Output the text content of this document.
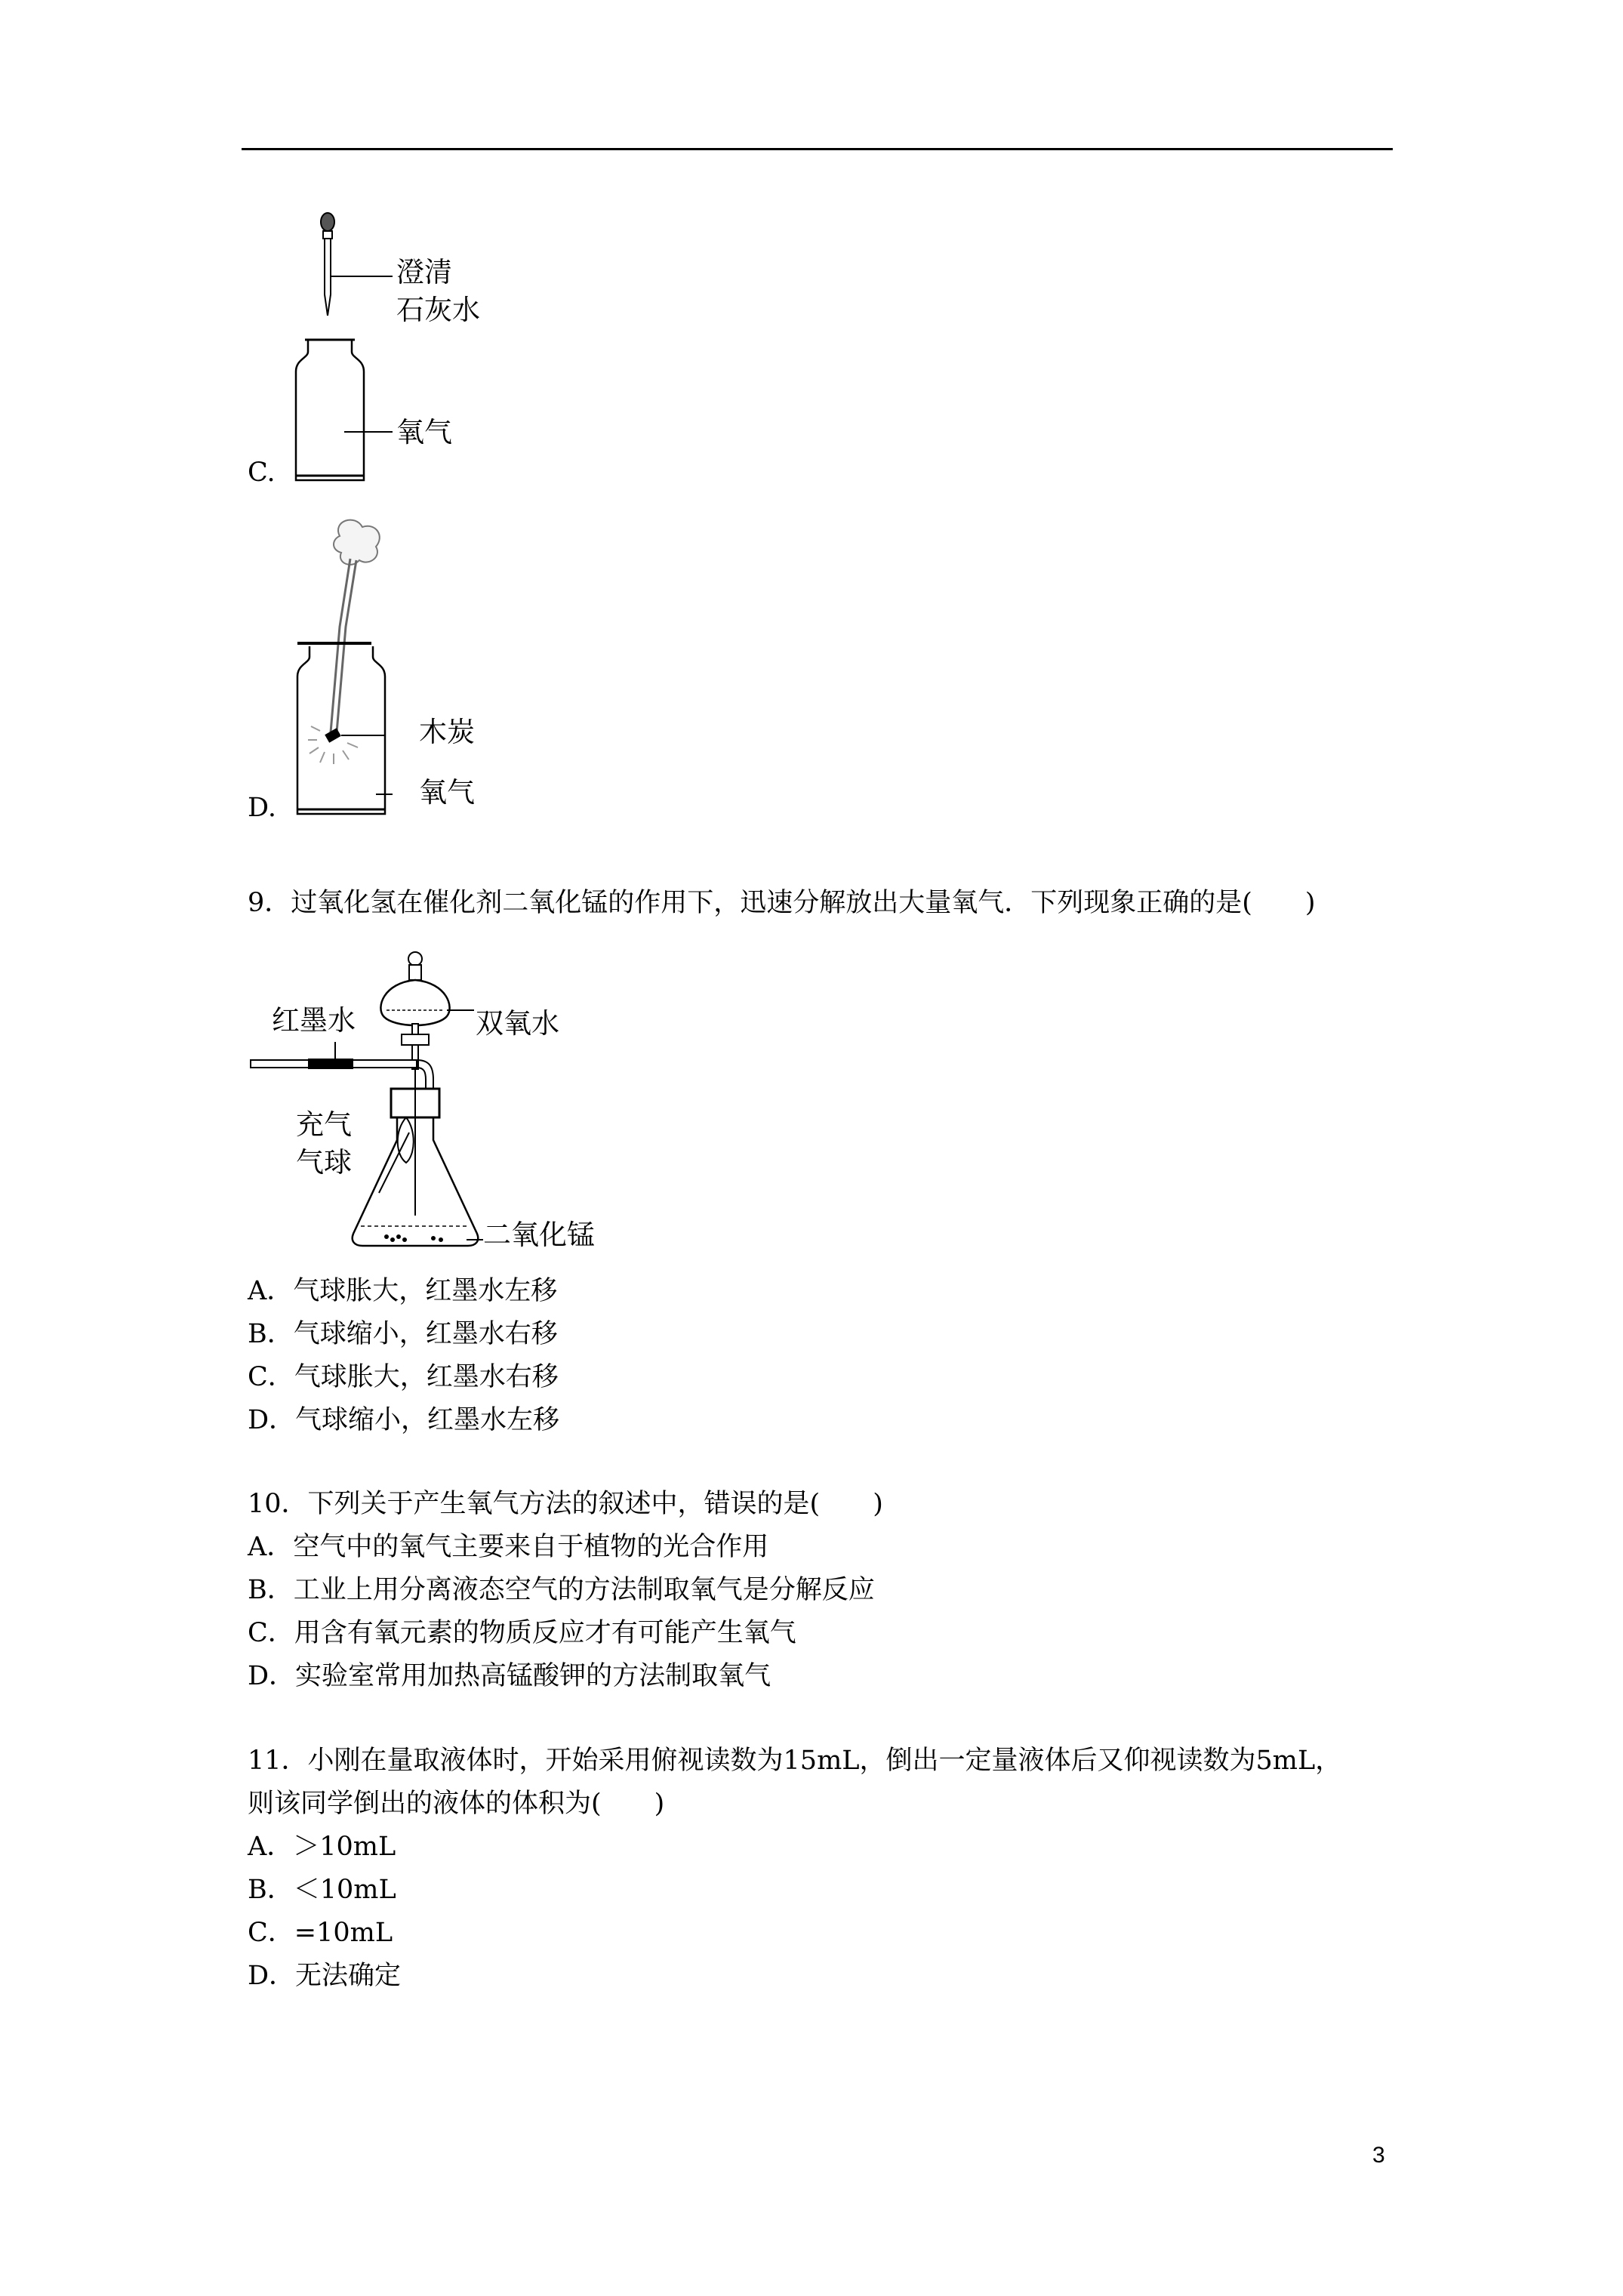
澄清
石灰水
氧气
C.
木炭
氧气
D.
9．过氧化氢在催化剂二氧化锰的作用下，迅速分解放出大量氧气．下列现象正确的是(　　)
红墨水	双氧水
充气
气球
二氧化锰
A．气球胀大，红墨水左移
B．气球缩小，红墨水右移
C．气球胀大，红墨水右移
D．气球缩小，红墨水左移
10．下列关于产生氧气方法的叙述中，错误的是(　　)
A．空气中的氧气主要来自于植物的光合作用
B．工业上用分离液态空气的方法制取氧气是分解反应
C．用含有氧元素的物质反应才有可能产生氧气
D．实验室常用加热高锰酸钾的方法制取氧气
11．小刚在量取液体时，开始采用俯视读数为15mL，倒出一定量液体后又仰视读数为5mL，
则该同学倒出的液体的体积为(　　)
A．＞10mL
B．＜10mL
C．=10mL
D．无法确定
3
